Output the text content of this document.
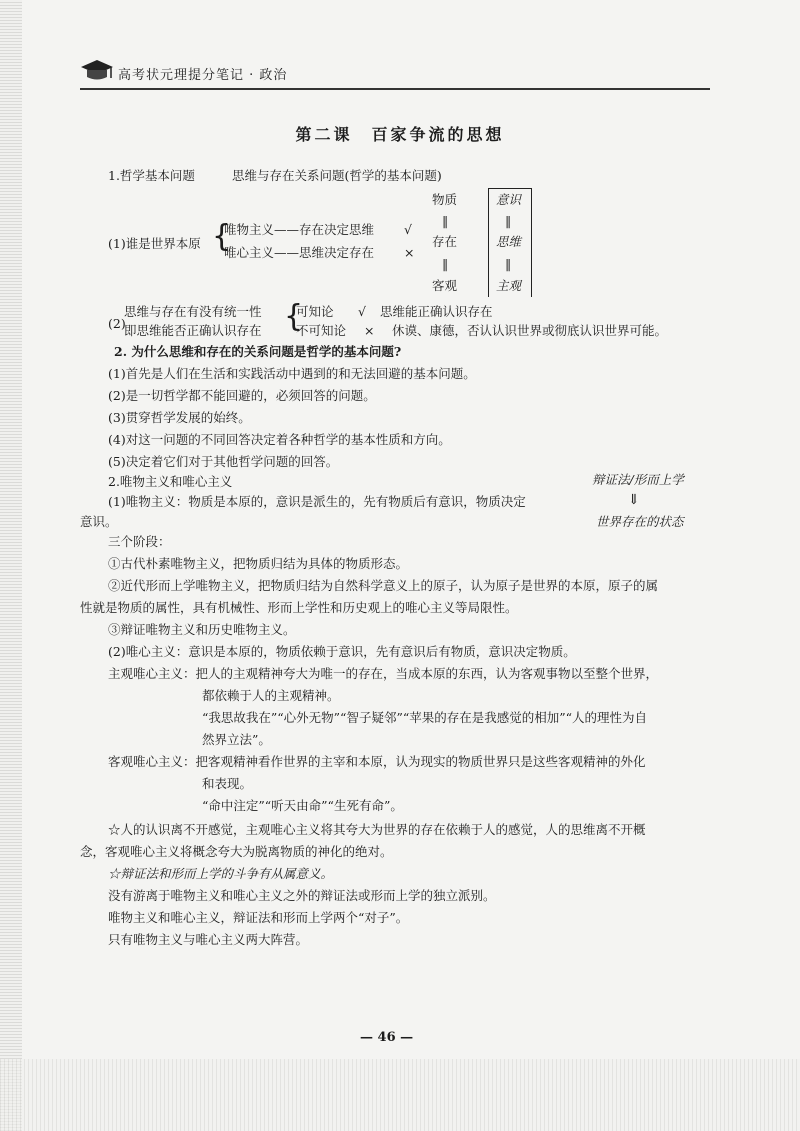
高考状元理提分笔记 · 政治
第二课　百家争流的思想
1.哲学基本问题	思维与存在关系问题(哲学的基本问题)
(1)谁是世界本原 {
唯物主义——存在决定思维 √
唯心主义——思维决定存在 ×
物质
‖
存在
‖
客观
意识
‖
思维
‖
主观
(2)
思维与存在有没有统一性
即思维能否正确认识存在 {
可知论 √ 思维能正确认识存在
不可知论 × 休谟、康德，否认认识世界或彻底认识世界可能。
2. 为什么思维和存在的关系问题是哲学的基本问题?
(1)首先是人们在生活和实践活动中遇到的和无法回避的基本问题。
(2)是一切哲学都不能回避的，必须回答的问题。
(3)贯穿哲学发展的始终。
(4)对这一问题的不同回答决定着各种哲学的基本性质和方向。
(5)决定着它们对于其他哲学问题的回答。
2.唯物主义和唯心主义	辩证法/形而上学
⇓
世界存在的状态
(1)唯物主义：物质是本原的，意识是派生的，先有物质后有意识，物质决定
意识。
三个阶段：
①古代朴素唯物主义，把物质归结为具体的物质形态。
②近代形而上学唯物主义，把物质归结为自然科学意义上的原子，认为原子是世界的本原，原子的属
性就是物质的属性，具有机械性、形而上学性和历史观上的唯心主义等局限性。
③辩证唯物主义和历史唯物主义。
(2)唯心主义：意识是本原的，物质依赖于意识，先有意识后有物质，意识决定物质。
主观唯心主义：把人的主观精神夸大为唯一的存在，当成本原的东西，认为客观事物以至整个世界，
都依赖于人的主观精神。
“我思故我在”“心外无物”“智子疑邻”“苹果的存在是我感觉的相加”“人的理性为自
然界立法”。
客观唯心主义：把客观精神看作世界的主宰和本原，认为现实的物质世界只是这些客观精神的外化
和表现。
“命中注定”“听天由命”“生死有命”。
☆人的认识离不开感觉，主观唯心主义将其夸大为世界的存在依赖于人的感觉，人的思维离不开概
念，客观唯心主义将概念夸大为脱离物质的神化的绝对。
☆辩证法和形而上学的斗争有从属意义。
没有游离于唯物主义和唯心主义之外的辩证法或形而上学的独立派别。
唯物主义和唯心主义，辩证法和形而上学两个“对子”。
只有唯物主义与唯心主义两大阵营。
— 46 —
